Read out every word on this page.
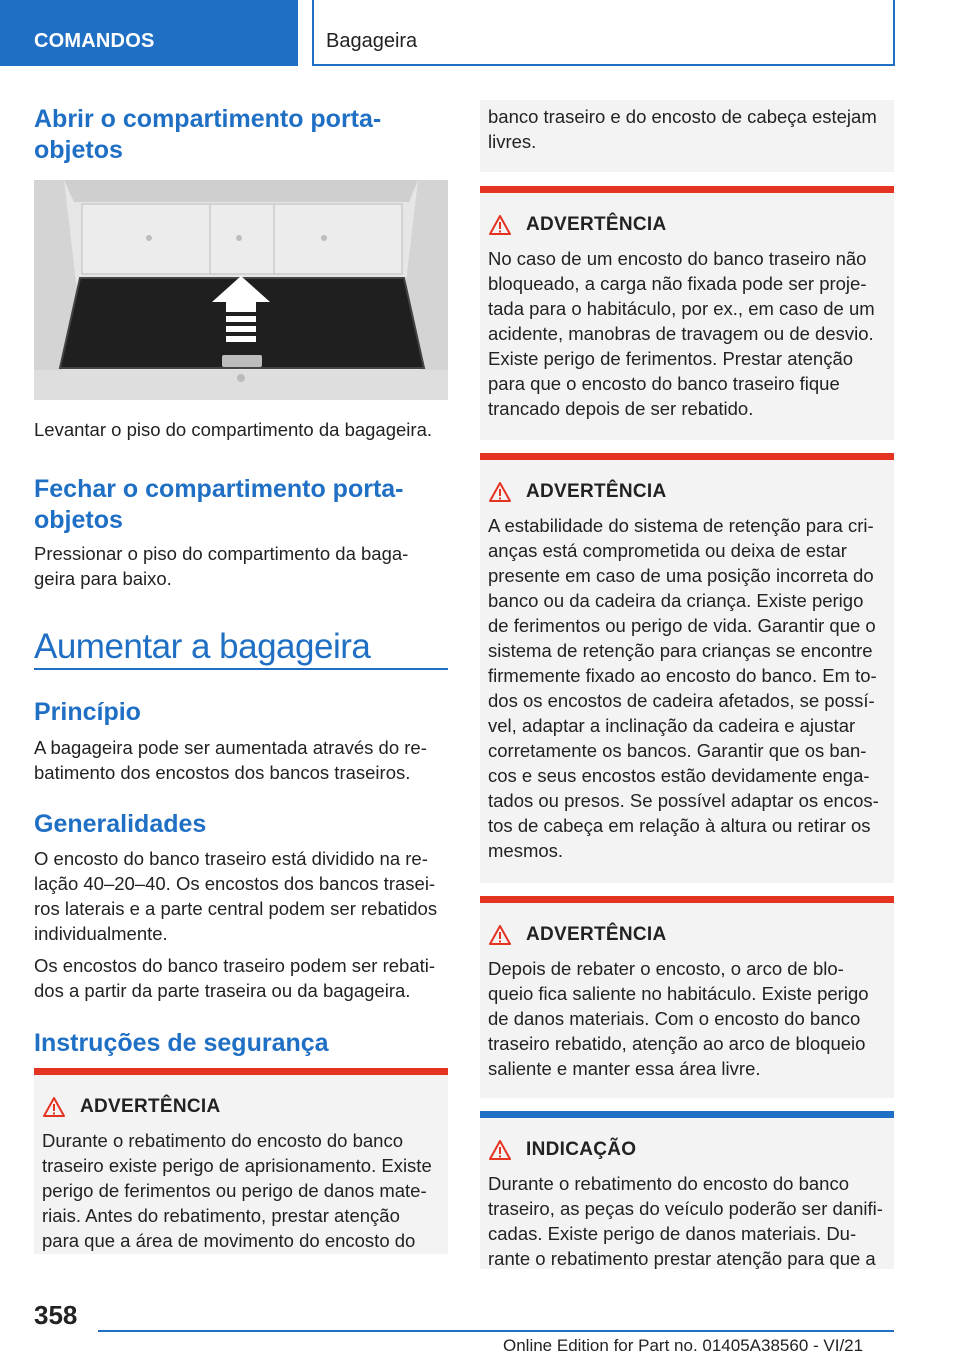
COMANDOS	Bagageira
Abrir o compartimento porta-
objetos

Levantar o piso do compartimento da bagageira.

Fechar o compartimento porta-
objetos

Pressionar o piso do compartimento da baga-
geira para baixo.

Aumentar a bagageira
Princípio

A bagageira pode ser aumentada através do re-
batimento dos encostos dos bancos traseiros.

Generalidades

O encosto do banco traseiro está dividido na re-
lação 40–20–40. Os encostos dos bancos trasei-
ros laterais e a parte central podem ser rebatidos
individualmente.

Os encostos do banco traseiro podem ser rebati-
dos a partir da parte traseira ou da bagageira.

Instruções de segurança
ADVERTÊNCIA
Durante o rebatimento do encosto do banco
traseiro existe perigo de aprisionamento. Existe
perigo de ferimentos ou perigo de danos mate-
riais. Antes do rebatimento, prestar atenção
para que a área de movimento do encosto do
banco traseiro e do encosto de cabeça estejam
livres.
ADVERTÊNCIA
No caso de um encosto do banco traseiro não
bloqueado, a carga não fixada pode ser proje-
tada para o habitáculo, por ex., em caso de um
acidente, manobras de travagem ou de desvio.
Existe perigo de ferimentos. Prestar atenção
para que o encosto do banco traseiro fique
trancado depois de ser rebatido.
ADVERTÊNCIA
A estabilidade do sistema de retenção para cri-
anças está comprometida ou deixa de estar
presente em caso de uma posição incorreta do
banco ou da cadeira da criança. Existe perigo
de ferimentos ou perigo de vida. Garantir que o
sistema de retenção para crianças se encontre
firmemente fixado ao encosto do banco. Em to-
dos os encostos de cadeira afetados, se possí-
vel, adaptar a inclinação da cadeira e ajustar
corretamente os bancos. Garantir que os ban-
cos e seus encostos estão devidamente enga-
tados ou presos. Se possível adaptar os encos-
tos de cabeça em relação à altura ou retirar os
mesmos.
ADVERTÊNCIA
Depois de rebater o encosto, o arco de blo-
queio fica saliente no habitáculo. Existe perigo
de danos materiais. Com o encosto do banco
traseiro rebatido, atenção ao arco de bloqueio
saliente e manter essa área livre.
INDICAÇÃO
Durante o rebatimento do encosto do banco
traseiro, as peças do veículo poderão ser danifi-
cadas. Existe perigo de danos materiais. Du-
rante o rebatimento prestar atenção para que a
358
Online Edition for Part no. 01405A38560 - VI/21
